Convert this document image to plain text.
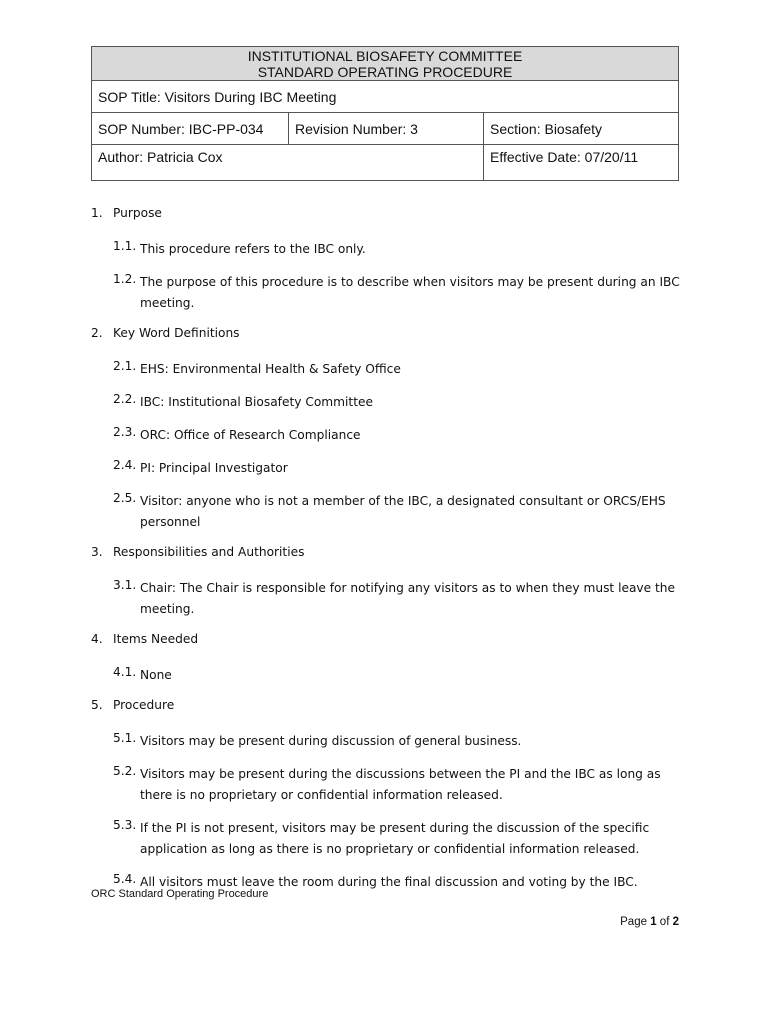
INSTITUTIONAL BIOSAFETY COMMITTEE
STANDARD OPERATING PROCEDURE		

SOP Title: Visitors During IBC Meeting		
SOP Number: IBC-PP-034	Revision Number: 3	Section: Biosafety
Author: Patricia Cox		Effective Date: 07/20/11
1. Purpose
1.1. This procedure refers to the IBC only.
1.2. The purpose of this procedure is to describe when visitors may be present during an IBC meeting.
2. Key Word Definitions
2.1. EHS: Environmental Health & Safety Office
2.2. IBC: Institutional Biosafety Committee
2.3. ORC: Office of Research Compliance
2.4. PI: Principal Investigator
2.5. Visitor: anyone who is not a member of the IBC, a designated consultant or ORCS/EHS personnel
3. Responsibilities and Authorities
3.1. Chair: The Chair is responsible for notifying any visitors as to when they must leave the meeting.
4. Items Needed
4.1. None
5. Procedure
5.1. Visitors may be present during discussion of general business.
5.2. Visitors may be present during the discussions between the PI and the IBC as long as there is no proprietary or confidential information released.
5.3. If the PI is not present, visitors may be present during the discussion of the specific application as long as there is no proprietary or confidential information released.
5.4. All visitors must leave the room during the final discussion and voting by the IBC.
ORC Standard Operating Procedure
Page 1 of 2
